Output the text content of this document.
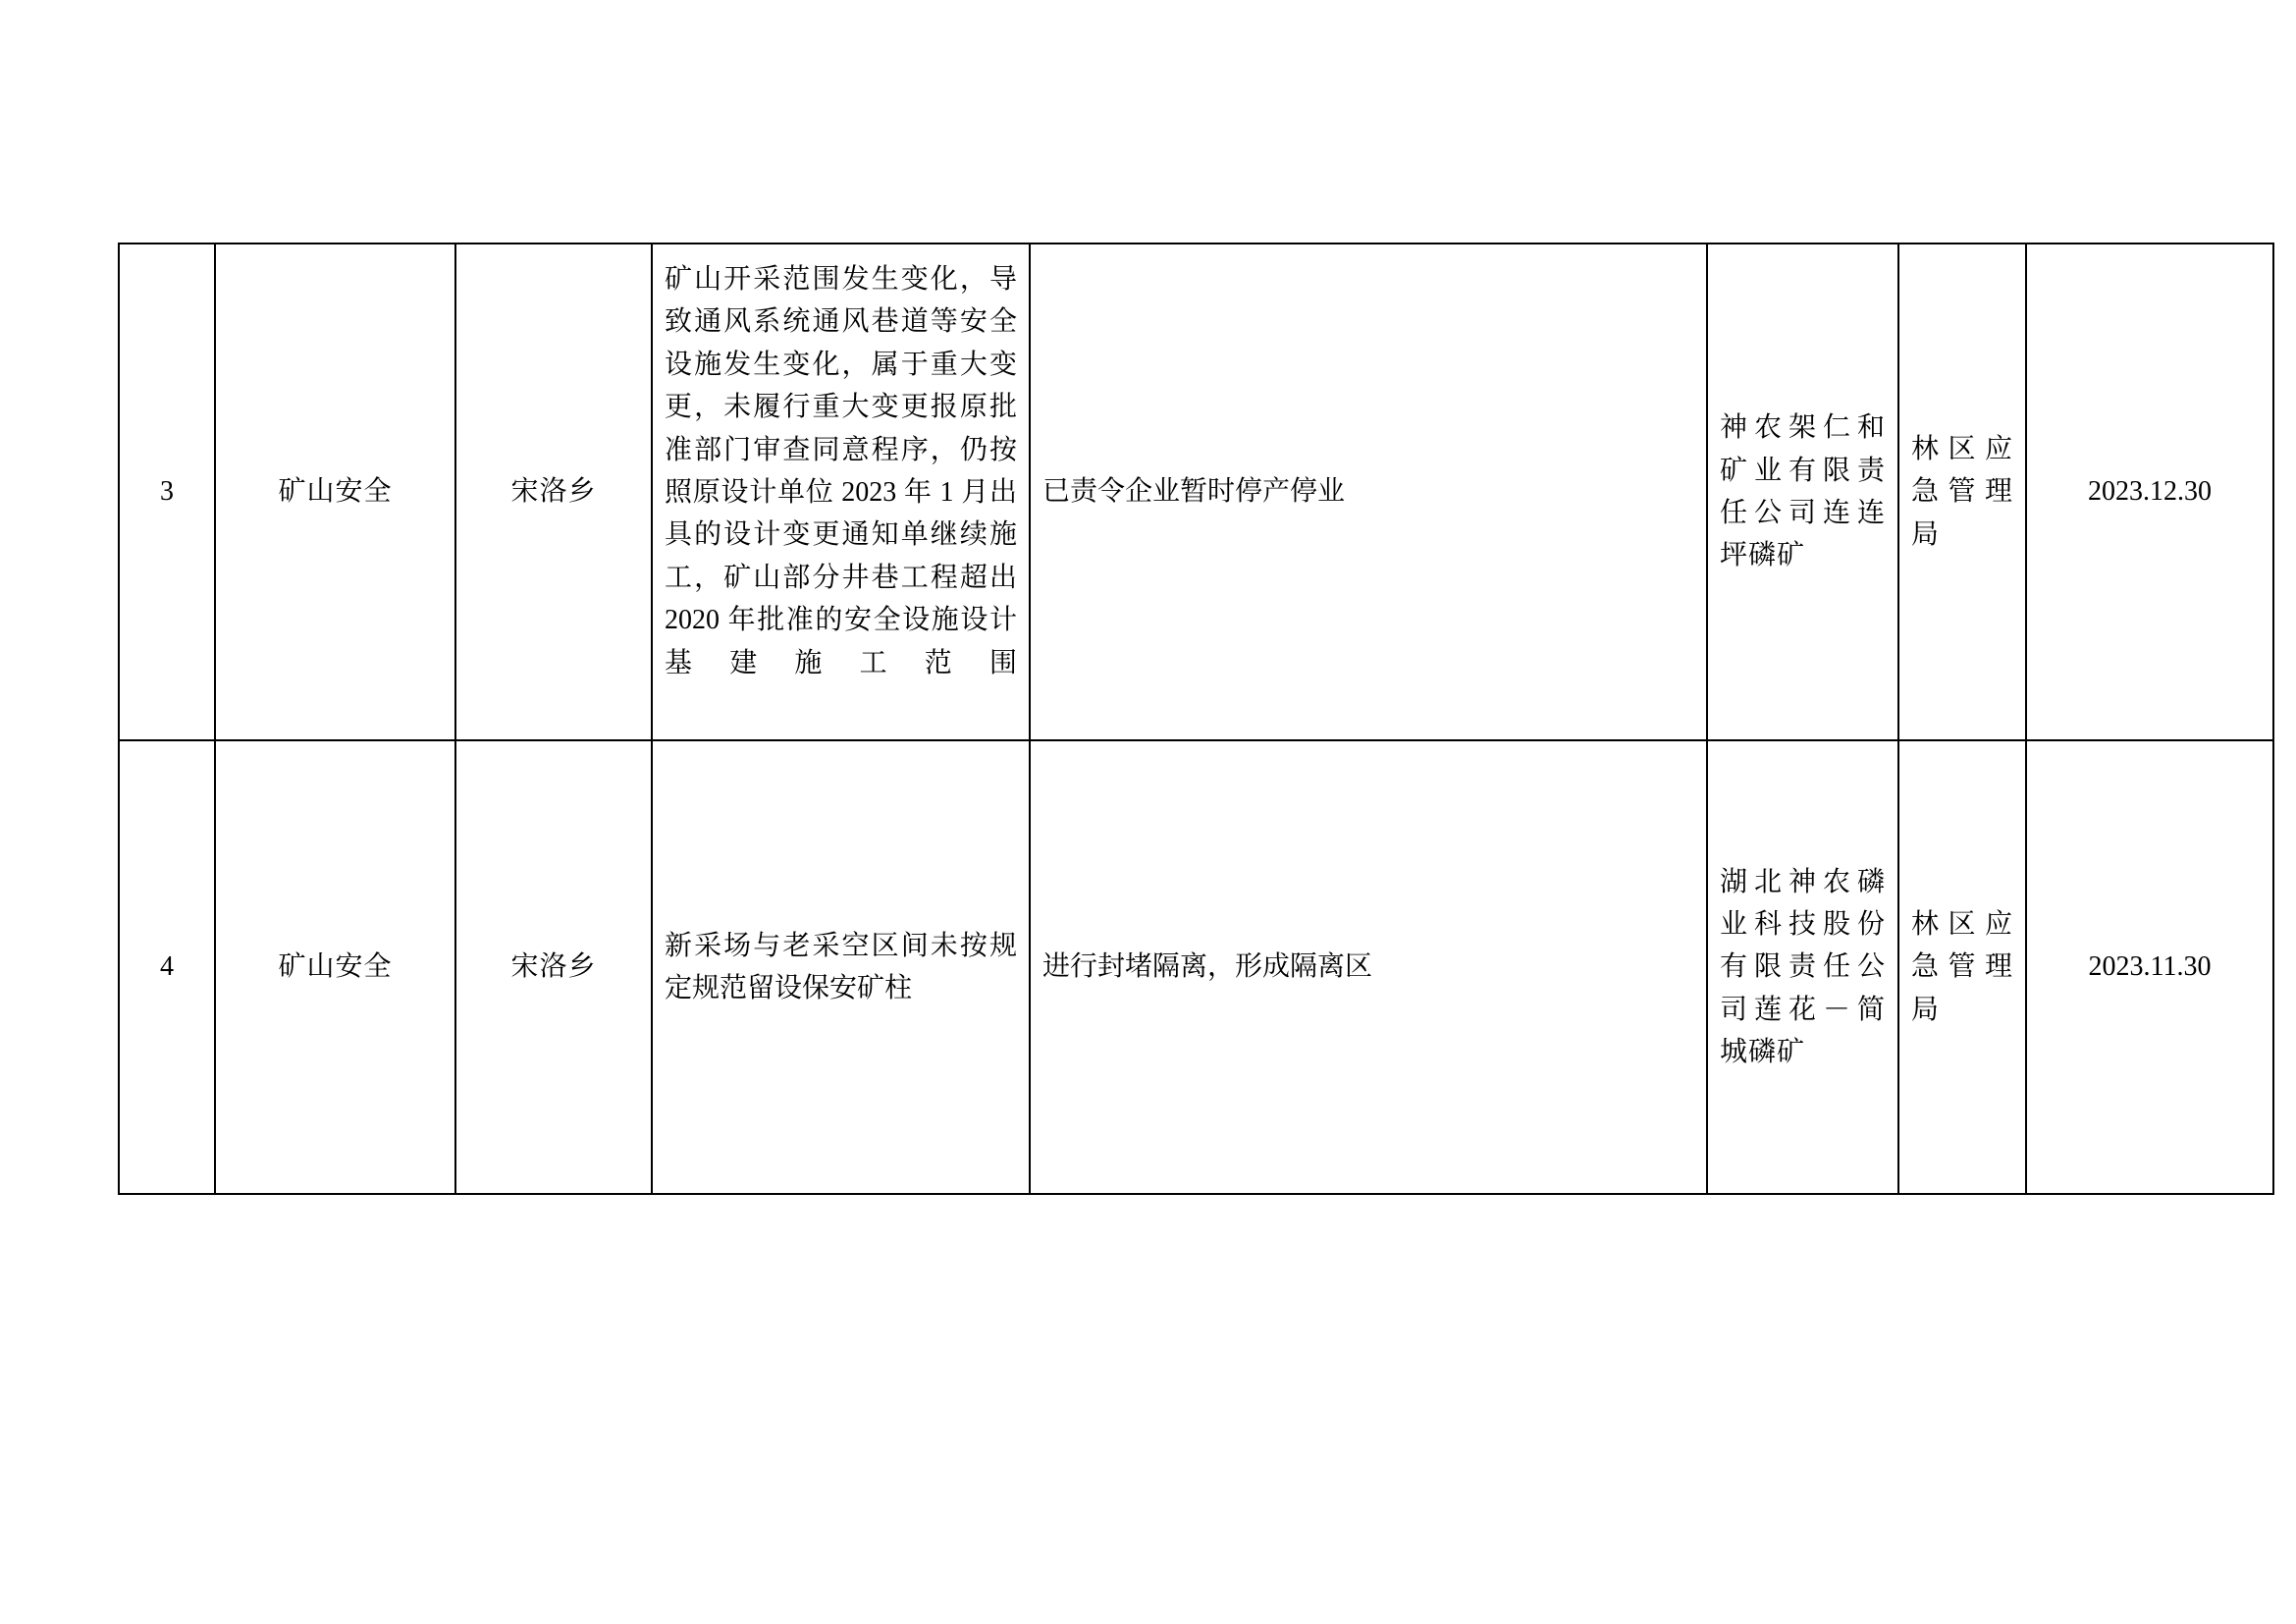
3	矿山安全	宋洛乡	矿山开采范围发生变化，导致通风系统通风巷道等安全设施发生变化，属于重大变更，未履行重大变更报原批准部门审查同意程序，仍按照原设计单位 2023 年 1 月出具的设计变更通知单继续施工，矿山部分井巷工程超出 2020 年批准的安全设施设计基建施工范围	已责令企业暂时停产停业	神农架仁和矿业有限责任公司连连坪磷矿	林区应急管理局	2023.12.30
4	矿山安全	宋洛乡	新采场与老采空区间未按规定规范留设保安矿柱	进行封堵隔离，形成隔离区	湖北神农磷业科技股份有限责任公司莲花－简城磷矿	林区应急管理局	2023.11.30
